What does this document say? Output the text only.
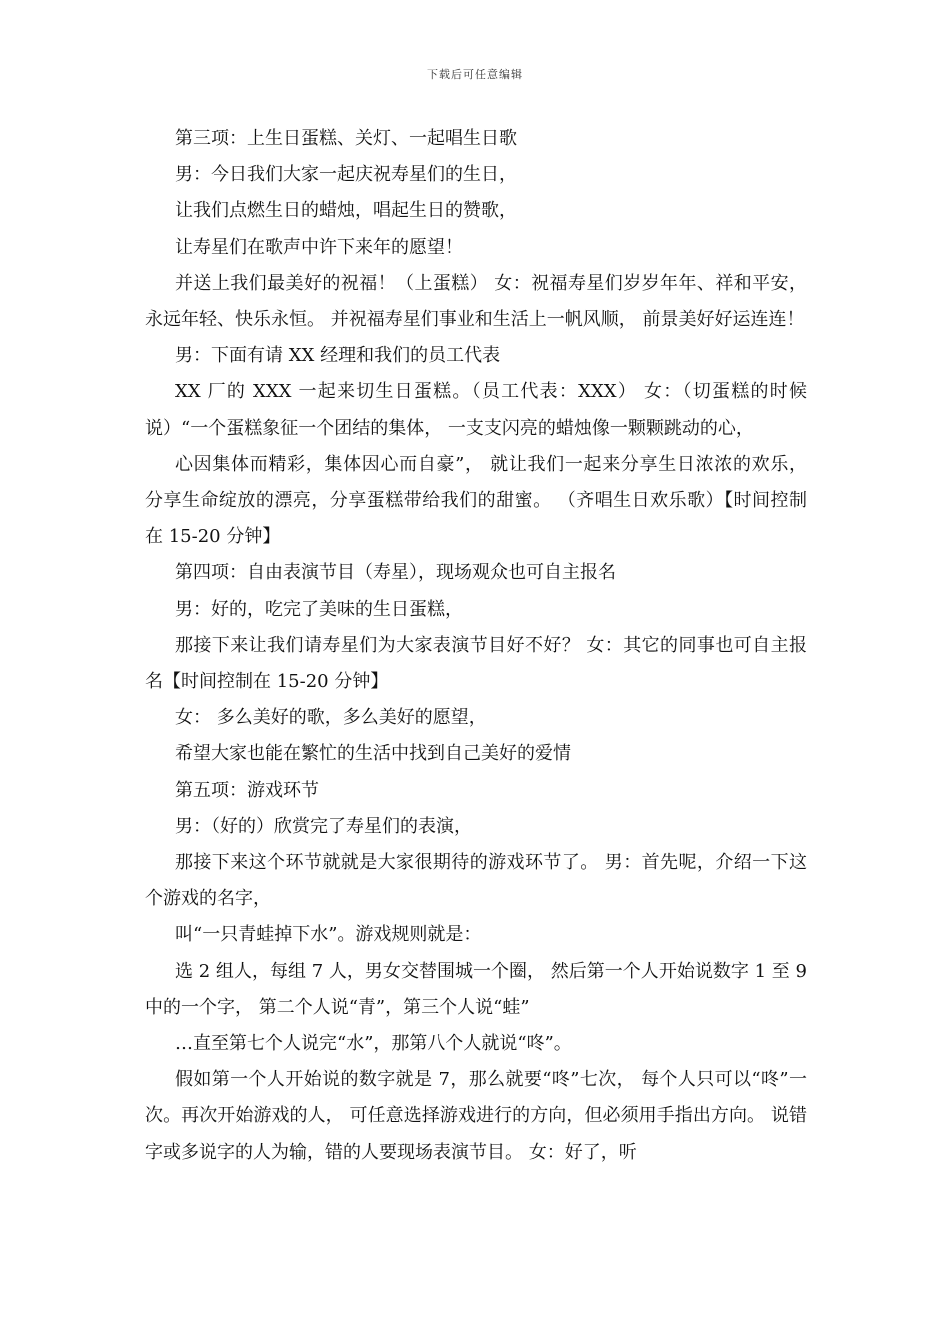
下载后可任意编辑

第三项：上生日蛋糕、关灯、一起唱生日歌

男：今日我们大家一起庆祝寿星们的生日，

让我们点燃生日的蜡烛，唱起生日的赞歌，

让寿星们在歌声中许下来年的愿望！

并送上我们最美好的祝福！（上蛋糕） 女：祝福寿星们岁岁年年、祥和平安， 永远年轻、快乐永恒。 并祝福寿星们事业和生活上一帆风顺， 前景美好好运连连！

男：下面有请 XX 经理和我们的员工代表

XX 厂的 XXX 一起来切生日蛋糕。（员工代表：XXX） 女：（切蛋糕的时候说）“一个蛋糕象征一个团结的集体， 一支支闪亮的蜡烛像一颗颗跳动的心，

心因集体而精彩，集体因心而自豪”， 就让我们一起来分享生日浓浓的欢乐， 分享生命绽放的漂亮，分享蛋糕带给我们的甜蜜。 （齐唱生日欢乐歌）【时间控制在 15-20 分钟】

第四项：自由表演节目（寿星），现场观众也可自主报名

男：好的，吃完了美味的生日蛋糕，

那接下来让我们请寿星们为大家表演节目好不好？ 女：其它的同事也可自主报名【时间控制在 15-20 分钟】

女： 多么美好的歌，多么美好的愿望，

希望大家也能在繁忙的生活中找到自己美好的爱情

第五项：游戏环节

男：（好的）欣赏完了寿星们的表演，

那接下来这个环节就就是大家很期待的游戏环节了。 男：首先呢，介绍一下这个游戏的名字，

叫“一只青蛙掉下水”。游戏规则就是：

选 2 组人，每组 7 人，男女交替围城一个圈， 然后第一个人开始说数字 1 至 9 中的一个字， 第二个人说“青”，第三个人说“蛙”

…直至第七个人说完“水”，那第八个人就说“咚”。

假如第一个人开始说的数字就是 7，那么就要“咚”七次， 每个人只可以“咚”一次。再次开始游戏的人， 可任意选择游戏进行的方向，但必须用手指出方向。 说错字或多说字的人为输，错的人要现场表演节目。 女：好了，听
